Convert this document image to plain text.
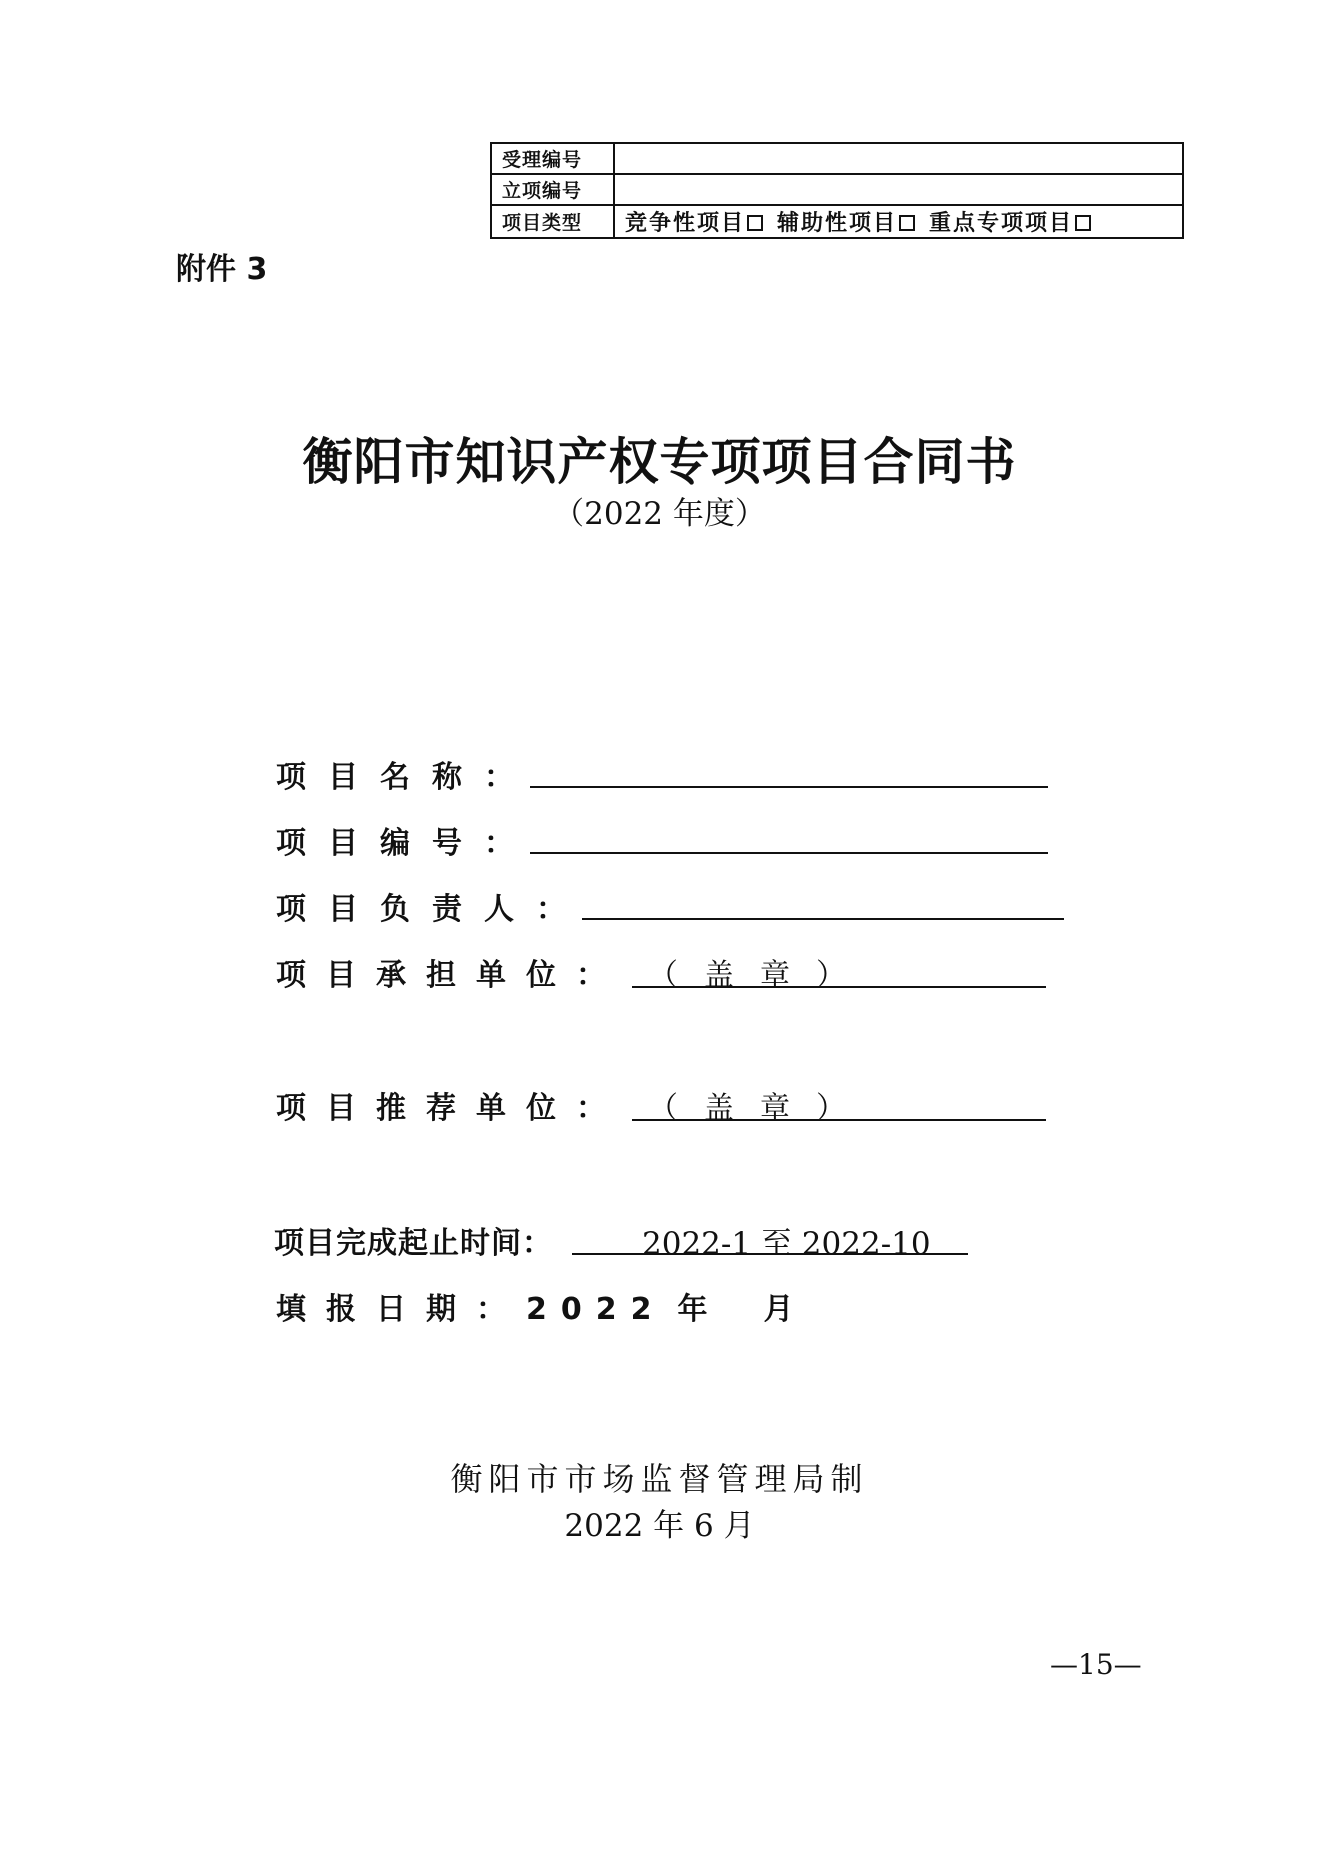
受理编号	
立项编号	
项目类型	竞争性项目 辅助性项目 重点专项项目
附件 3
衡阳市知识产权专项项目合同书
（2022 年度）
项目名称：
项目编号：
项目负责人：
项目承担单位： （盖章）
项目推荐单位： （盖章）
项目完成起止时间：	2022-1 至 2022-10
填报日期：2022 年 月
衡阳市市场监督管理局制
2022 年 6 月
—15—
